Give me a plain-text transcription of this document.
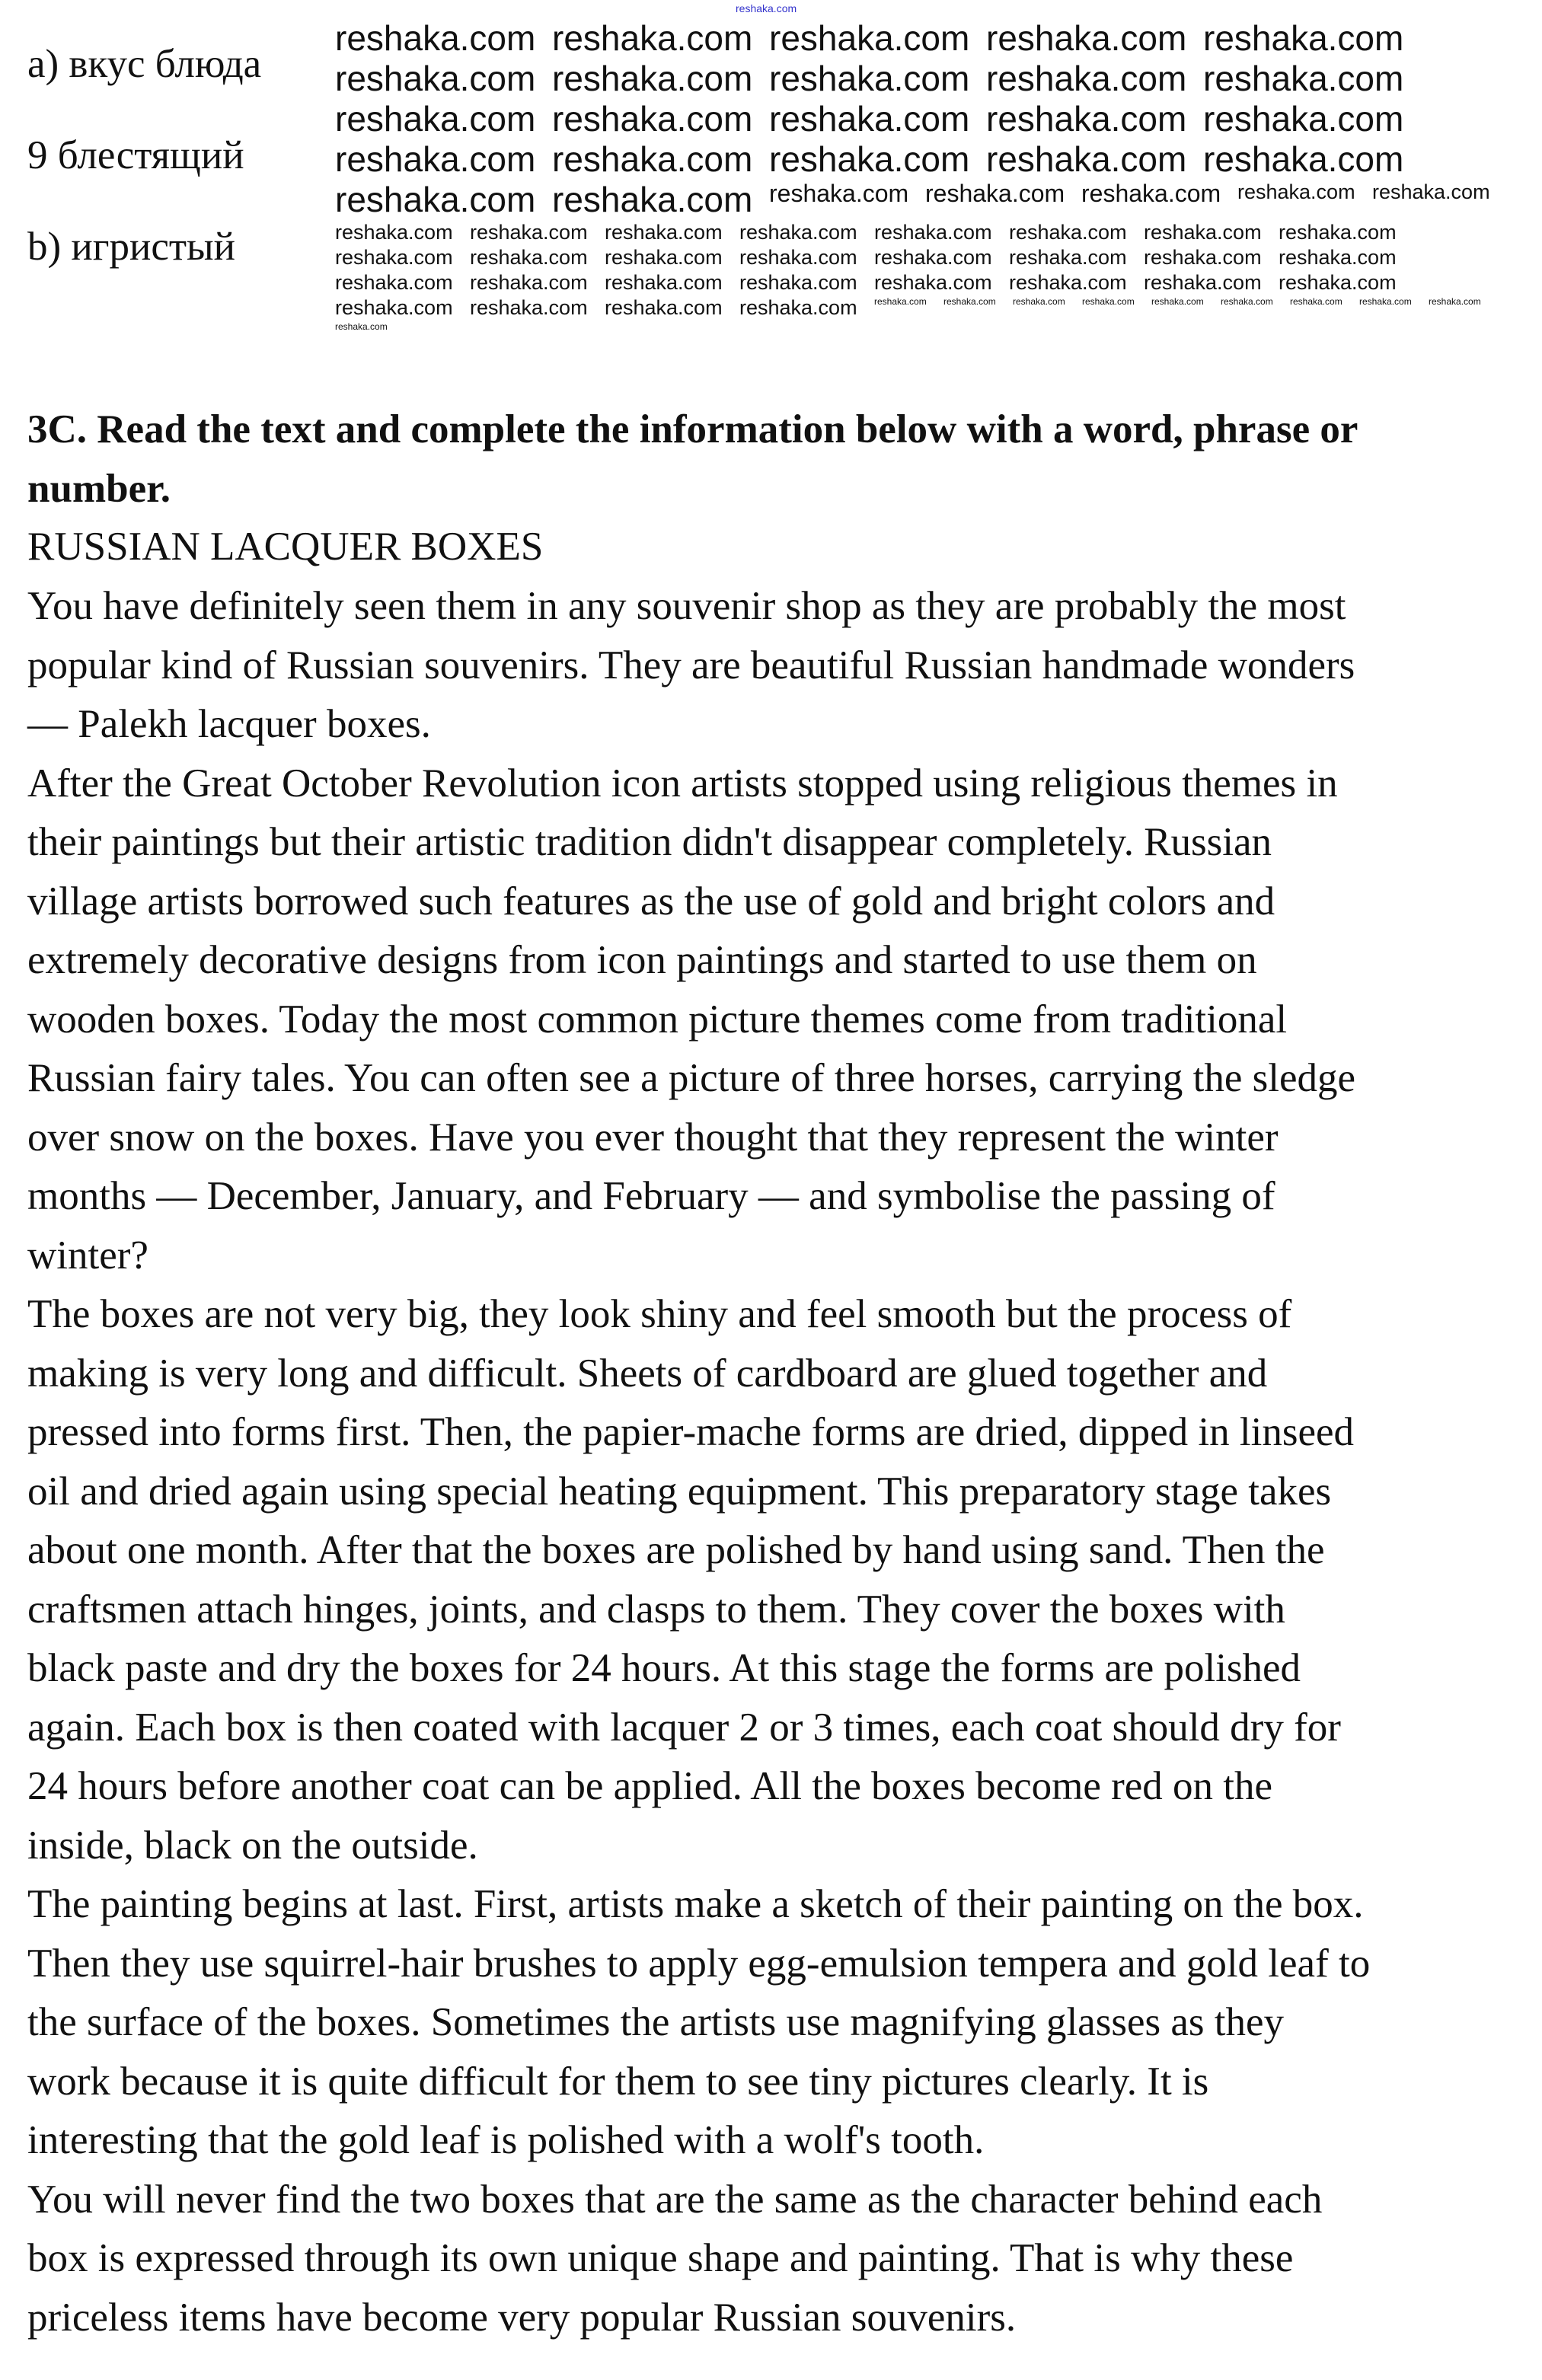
reshaka.com
a) вкус блюда
9 блестящий
b) игристый
3C. Read the text and complete the information below with a word, phrase or
number.
RUSSIAN LACQUER BOXES
You have definitely seen them in any souvenir shop as they are probably the most
popular kind of Russian souvenirs. They are beautiful Russian handmade wonders
— Palekh lacquer boxes.
After the Great October Revolution icon artists stopped using religious themes in
their paintings but their artistic tradition didn't disappear completely. Russian
village artists borrowed such features as the use of gold and bright colors and
extremely decorative designs from icon paintings and started to use them on
wooden boxes. Today the most common picture themes come from traditional
Russian fairy tales. You can often see a picture of three horses, carrying the sledge
over snow on the boxes. Have you ever thought that they represent the winter
months — December, January, and February — and symbolise the passing of
winter?
The boxes are not very big, they look shiny and feel smooth but the process of
making is very long and difficult. Sheets of cardboard are glued together and
pressed into forms first. Then, the papier-mache forms are dried, dipped in linseed
oil and dried again using special heating equipment. This preparatory stage takes
about one month. After that the boxes are polished by hand using sand. Then the
craftsmen attach hinges, joints, and clasps to them. They cover the boxes with
black paste and dry the boxes for 24 hours. At this stage the forms are polished
again. Each box is then coated with lacquer 2 or 3 times, each coat should dry for
24 hours before another coat can be applied. All the boxes become red on the
inside, black on the outside.
The painting begins at last. First, artists make a sketch of their painting on the box.
Then they use squirrel-hair brushes to apply egg-emulsion tempera and gold leaf to
the surface of the boxes. Sometimes the artists use magnifying glasses as they
work because it is quite difficult for them to see tiny pictures clearly. It is
interesting that the gold leaf is polished with a wolf's tooth.
You will never find the two boxes that are the same as the character behind each
box is expressed through its own unique shape and painting. That is why these
priceless items have become very popular Russian souvenirs.
reshaka.com reshaka.com reshaka.com reshaka.com reshaka.com
reshaka.com reshaka.com reshaka.com reshaka.com reshaka.com
reshaka.com reshaka.com reshaka.com reshaka.com reshaka.com
reshaka.com reshaka.com reshaka.com reshaka.com reshaka.com
reshaka.com reshaka.com reshaka.com reshaka.com reshaka.com reshaka.com reshaka.com
reshaka.com reshaka.com reshaka.com reshaka.com reshaka.com reshaka.com reshaka.com reshaka.com
reshaka.com reshaka.com reshaka.com reshaka.com reshaka.com reshaka.com reshaka.com reshaka.com
reshaka.com reshaka.com reshaka.com reshaka.com reshaka.com reshaka.com reshaka.com reshaka.com
reshaka.com reshaka.com reshaka.com reshaka.com reshaka.com reshaka.com reshaka.com reshaka.com reshaka.com reshaka.com reshaka.com reshaka.com reshaka.com
reshaka.com
